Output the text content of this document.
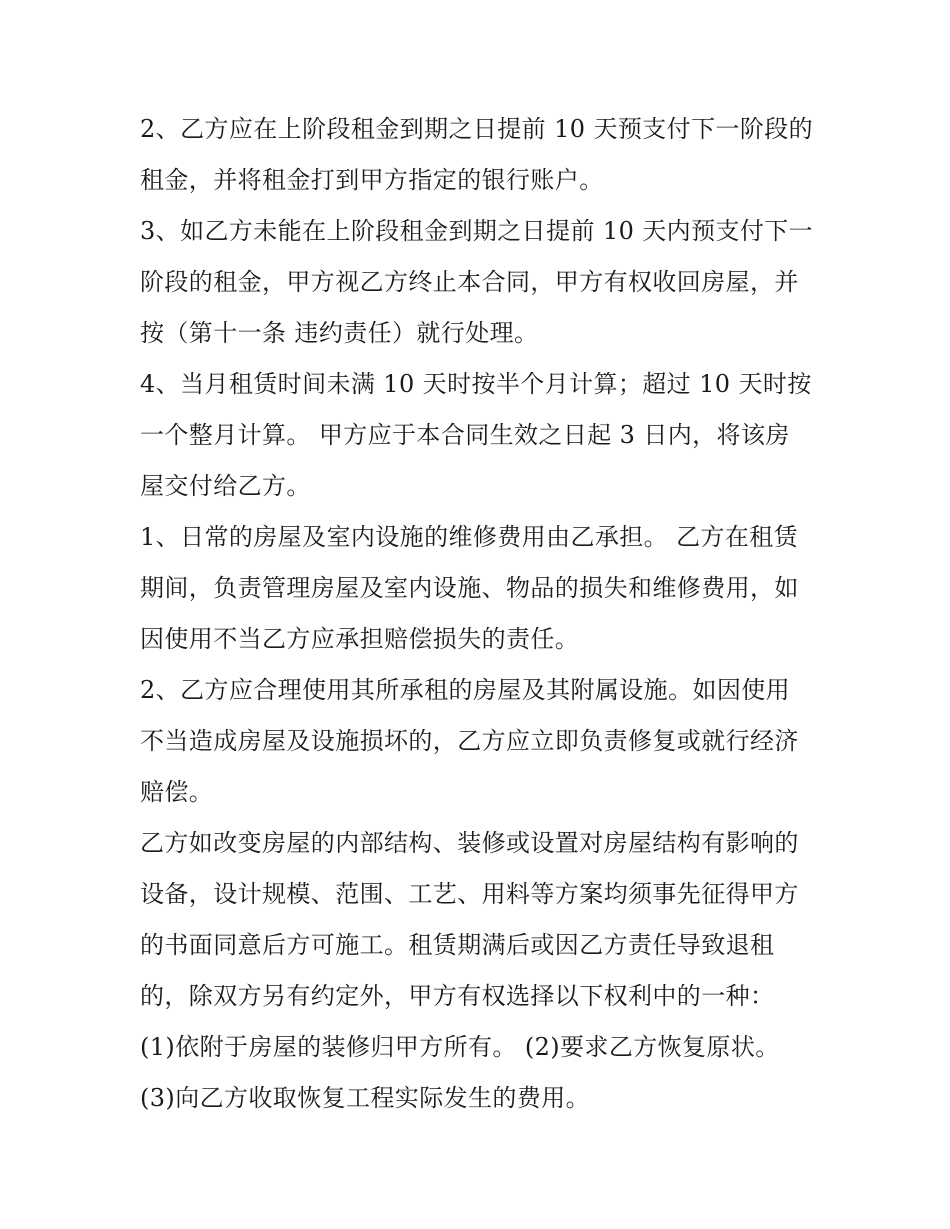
2、乙方应在上阶段租金到期之日提前 10 天预支付下一阶段的
租金，并将租金打到甲方指定的银行账户。
3、如乙方未能在上阶段租金到期之日提前 10 天内预支付下一
阶段的租金，甲方视乙方终止本合同，甲方有权收回房屋，并
按（第十一条 违约责任）就行处理。
4、当月租赁时间未满 10 天时按半个月计算；超过 10 天时按
一个整月计算。 甲方应于本合同生效之日起 3 日内，将该房
屋交付给乙方。
1、日常的房屋及室内设施的维修费用由乙承担。 乙方在租赁
期间，负责管理房屋及室内设施、物品的损失和维修费用，如
因使用不当乙方应承担赔偿损失的责任。
2、乙方应合理使用其所承租的房屋及其附属设施。如因使用
不当造成房屋及设施损坏的，乙方应立即负责修复或就行经济
赔偿。
乙方如改变房屋的内部结构、装修或设置对房屋结构有影响的
设备，设计规模、范围、工艺、用料等方案均须事先征得甲方
的书面同意后方可施工。租赁期满后或因乙方责任导致退租
的，除双方另有约定外，甲方有权选择以下权利中的一种：
(1)依附于房屋的装修归甲方所有。 (2)要求乙方恢复原状。
(3)向乙方收取恢复工程实际发生的费用。
